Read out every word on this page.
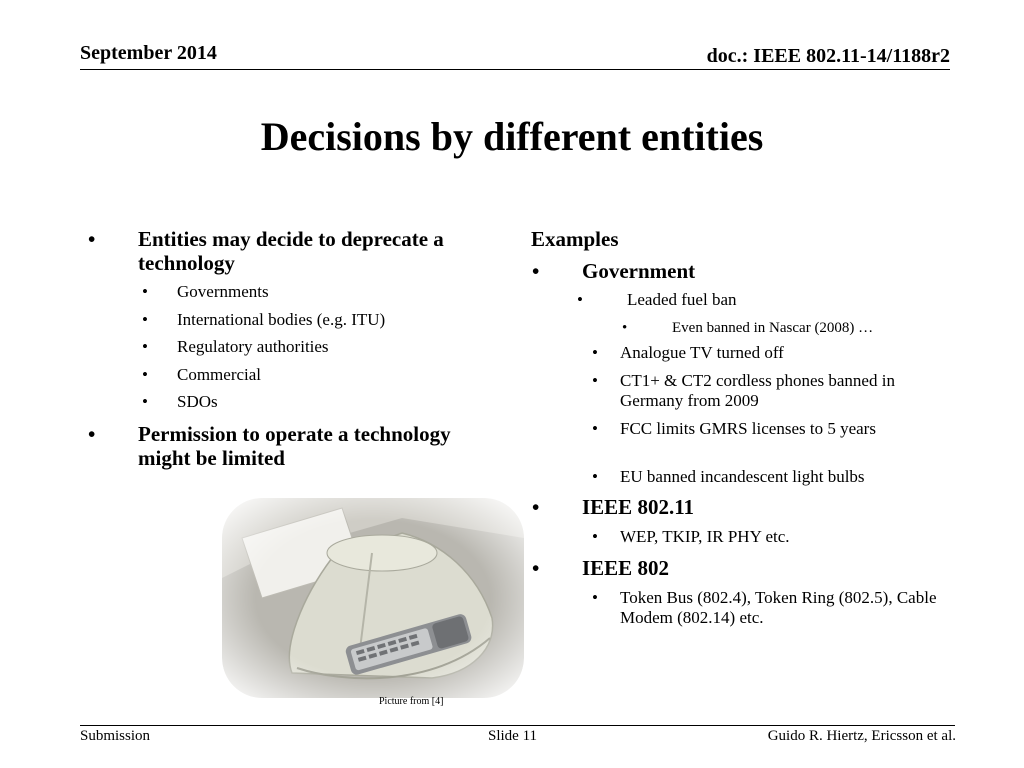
September 2014	doc.: IEEE 802.11-14/1188r2
Decisions by different entities
• Entities may decide to deprecate a technology
• Governments
• International bodies (e.g. ITU)
• Regulatory authorities
• Commercial
• SDOs
• Permission to operate a technology might be limited
Picture from [4]
Examples
• Government
•	Leaded fuel ban
•	Even banned in Nascar (2008) …
• Analogue TV turned off
• CT1+ & CT2 cordless phones banned in Germany from 2009
• FCC limits GMRS licenses to 5 years
• EU banned incandescent light bulbs
• IEEE 802.11
• WEP, TKIP, IR PHY etc.
• IEEE 802
• Token Bus (802.4), Token Ring (802.5), Cable Modem (802.14) etc.
Submission	Slide 11	Guido R. Hiertz, Ericsson et al.
